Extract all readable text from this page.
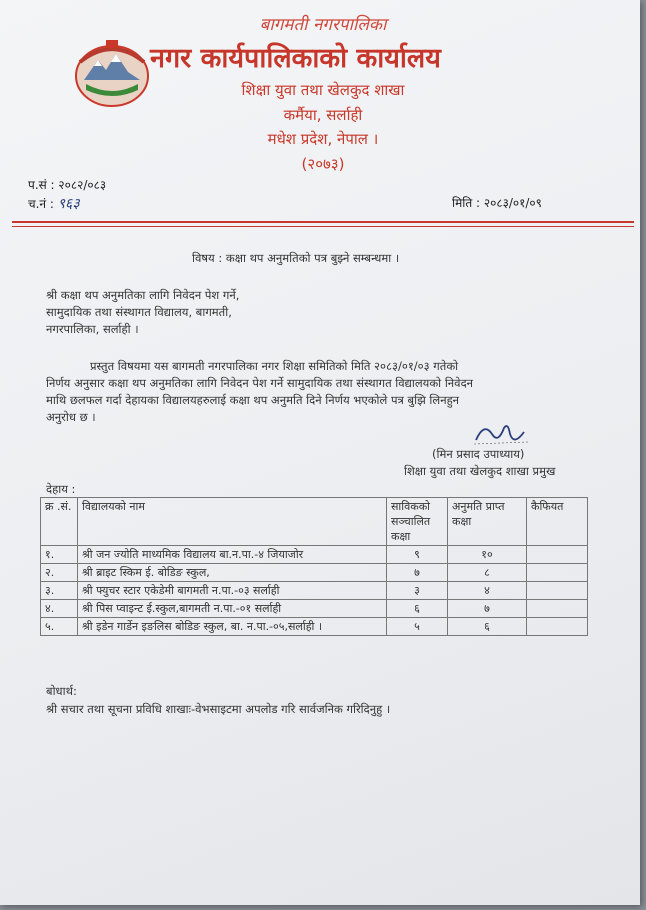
बागमती नगरपालिका
नगर कार्यपालिकाको कार्यालय
शिक्षा युवा तथा खेलकुद शाखा
कर्मैया, सर्लाही
मधेश प्रदेश, नेपाल ।
(२०७३)
प.सं : २०८२/०८३
च.नं : ९६३	मिति : २०८३/०१/०९
विषय : कक्षा थप अनुमतिको पत्र बुझ्ने सम्बन्धमा ।
श्री कक्षा थप अनुमतिका लागि निवेदन पेश गर्ने,
सामुदायिक तथा संस्थागत विद्यालय, बागमती,
नगरपालिका, सर्लाही ।
प्रस्तुत विषयमा यस बागमती नगरपालिका नगर शिक्षा समितिको मिति २०८३/०१/०३ गतेको
निर्णय अनुसार कक्षा थप अनुमतिका लागि निवेदन पेश गर्ने सामुदायिक तथा संस्थागत विद्यालयको निवेदन
माथि छलफल गर्दा देहायका विद्यालयहरुलाई कक्षा थप अनुमति दिने निर्णय भएकोले पत्र बुझि लिनहुन
अनुरोध छ ।
(मिन प्रसाद उपाध्याय)
शिक्षा युवा तथा खेलकुद शाखा प्रमुख
देहाय :
क्र .सं.	विद्यालयको नाम	साविकको सञ्चालित कक्षा	अनुमति प्राप्त कक्षा	कैफियत
१.	श्री जन ज्योति माध्यमिक विद्यालय बा.न.पा.-४ जियाजोर	९	१०	
२.	श्री ब्राइट स्किम ई. बोडिङ स्कुल,	७	८	
३.	श्री फ्युचर स्टार एकेडेमी बागमती न.पा.-०३ सर्लाही	३	४	
४.	श्री पिस प्वाइन्ट ई.स्कुल,बागमती न.पा.-०१ सर्लाही	६	७	
५.	श्री इडेन गार्डेन इङलिस बोडिङ स्कुल, बा. न.पा.-०५,सर्लाही ।	५	६	
बोधार्थ:
श्री सचार तथा सूचना प्रविधि शाखाः-वेभसाइटमा अपलोड गरि सार्वजनिक गरिदिनुहु ।
